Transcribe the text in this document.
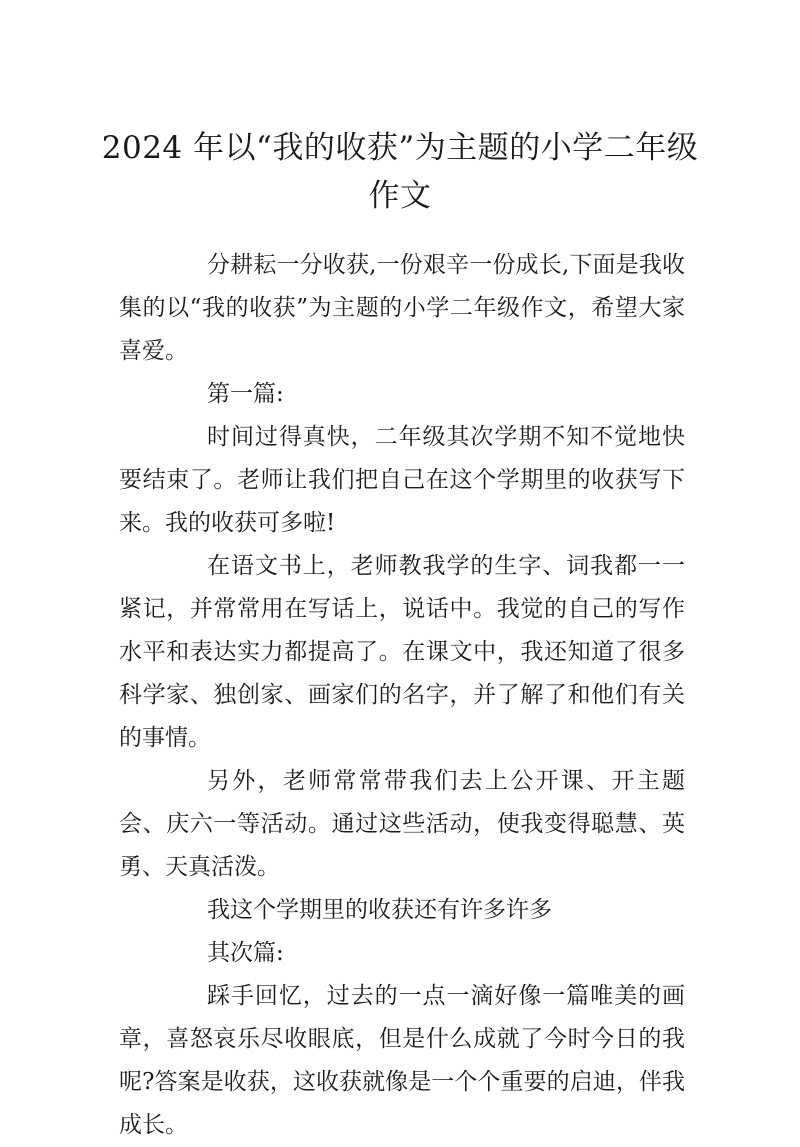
2024 年以“我的收获”为主题的小学二年级
作文

分耕耘一分收获,一份艰辛一份成长,下面是我收集的以“我的收获”为主题的小学二年级作文，希望大家喜爱。

第一篇:

时间过得真快，二年级其次学期不知不觉地快要结束了。老师让我们把自己在这个学期里的收获写下来。我的收获可多啦!

在语文书上，老师教我学的生字、词我都一一紧记，并常常用在写话上，说话中。我觉的自己的写作水平和表达实力都提高了。在课文中，我还知道了很多科学家、独创家、画家们的名字，并了解了和他们有关的事情。

另外，老师常常带我们去上公开课、开主题会、庆六一等活动。通过这些活动，使我变得聪慧、英勇、天真活泼。

我这个学期里的收获还有许多许多

其次篇:

踩手回忆，过去的一点一滴好像一篇唯美的画章，喜怒哀乐尽收眼底，但是什么成就了今时今日的我呢?答案是收获，这收获就像是一个个重要的启迪，伴我成长。
